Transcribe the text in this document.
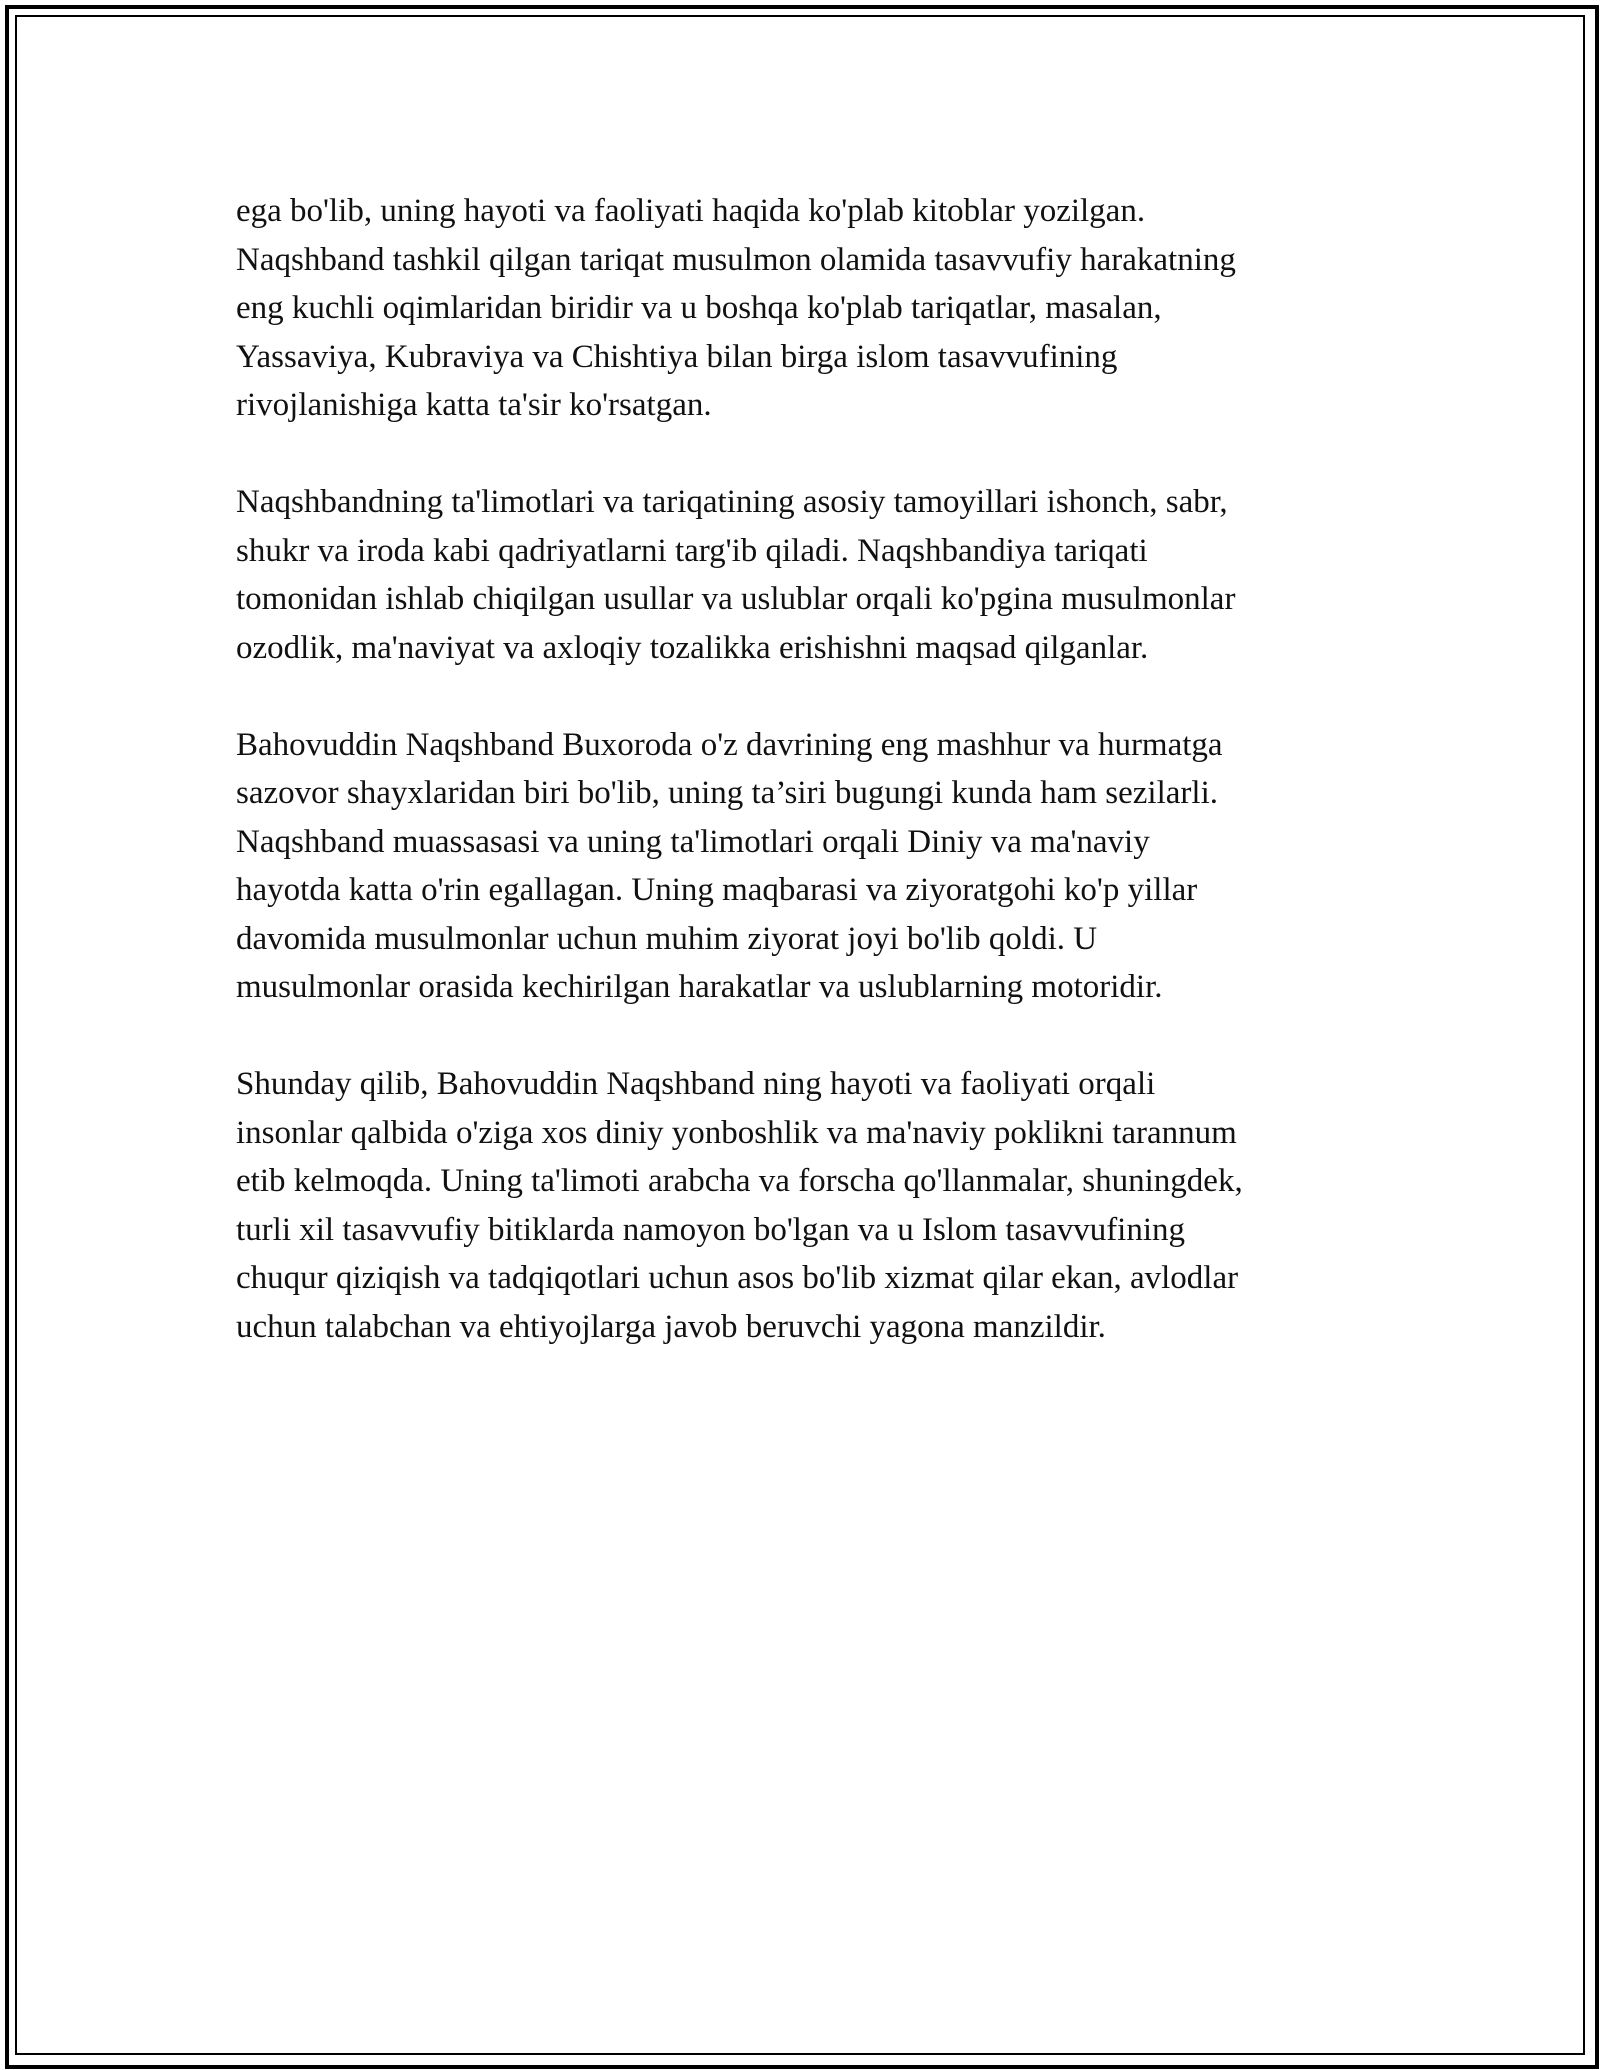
ega bo'lib, uning hayoti va faoliyati haqida ko'plab kitoblar yozilgan.
Naqshband tashkil qilgan tariqat musulmon olamida tasavvufiy harakatning
eng kuchli oqimlaridan biridir va u boshqa ko'plab tariqatlar, masalan,
Yassaviya, Kubraviya va Chishtiya bilan birga islom tasavvufining
rivojlanishiga katta ta'sir ko'rsatgan.

Naqshbandning ta'limotlari va tariqatining asosiy tamoyillari ishonch, sabr,
shukr va iroda kabi qadriyatlarni targ'ib qiladi. Naqshbandiya tariqati
tomonidan ishlab chiqilgan usullar va uslublar orqali ko'pgina musulmonlar
ozodlik, ma'naviyat va axloqiy tozalikka erishishni maqsad qilganlar.

Bahovuddin Naqshband Buxoroda o'z davrining eng mashhur va hurmatga
sazovor shayxlaridan biri bo'lib, uning ta’siri bugungi kunda ham sezilarli.
Naqshband muassasasi va uning ta'limotlari orqali Diniy va ma'naviy
hayotda katta o'rin egallagan. Uning maqbarasi va ziyoratgohi ko'p yillar
davomida musulmonlar uchun muhim ziyorat joyi bo'lib qoldi. U
musulmonlar orasida kechirilgan harakatlar va uslublarning motoridir.

Shunday qilib, Bahovuddin Naqshband ning hayoti va faoliyati orqali
insonlar qalbida o'ziga xos diniy yonboshlik va ma'naviy poklikni tarannum
etib kelmoqda. Uning ta'limoti arabcha va forscha qo'llanmalar, shuningdek,
turli xil tasavvufiy bitiklarda namoyon bo'lgan va u Islom tasavvufining
chuqur qiziqish va tadqiqotlari uchun asos bo'lib xizmat qilar ekan, avlodlar
uchun talabchan va ehtiyojlarga javob beruvchi yagona manzildir.
